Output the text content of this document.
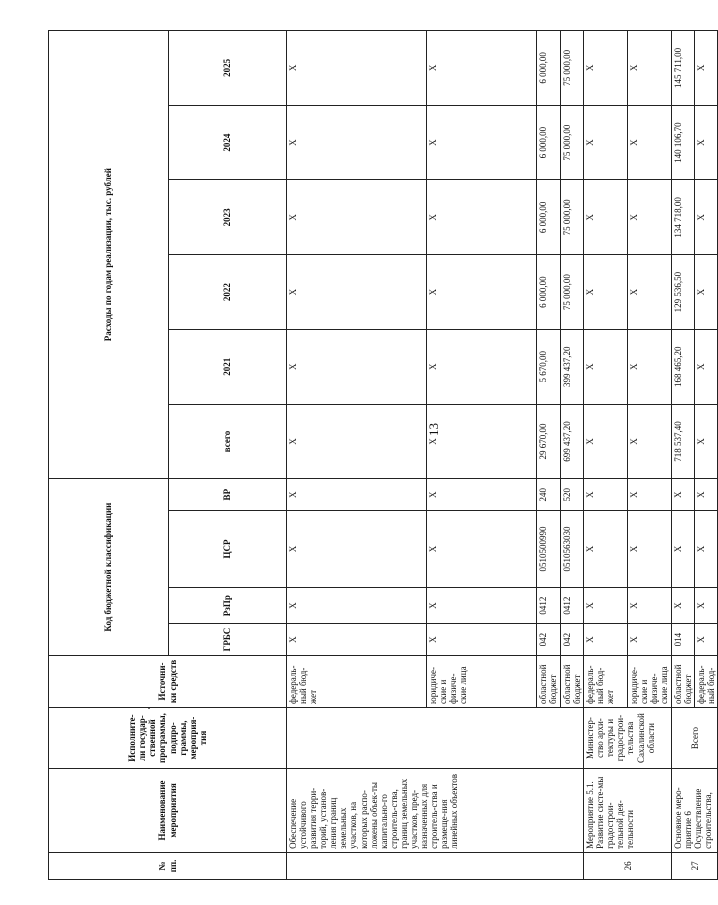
13
№ пп.	Наименование мероприятия	Исполните-ли государ-ственной программы, подпро-граммы, мероприя-тия	Источни-ки средств	Код бюджетной классификации				Расходы по годам реализации, тыс. рублей					
				ГРБС	РзПр	ЦСР	ВР	всего	2021	2022	2023	2024	2025
	Обеспечение устойчивого развития терри-торий, установ-ления границ земельных участков, на которых распо-ложены объек-ты капитально-го строитель-ства, границ земельных участков, пред-назначенных для строитель-ства и размеще-ния линейных объектов		федераль-ный бюд-жет	Х	Х	Х	Х	Х	Х	Х	Х	Х	Х
			юридиче-ские и физиче-ские лица	Х	Х	Х	Х	Х	Х	Х	Х	Х	Х
			областной бюджет	042	0412	0510500990	240	29 670,00	5 670,00	6 000,00	6 000,00	6 000,00	6 000,00
			областной бюджет	042	0412	0510563030	520	699 437,20	399 437,20	75 000,00	75 000,00	75 000,00	75 000,00
26	Мероприятие 5.1. Развитие систе-мы градострои-тельной дея-тельности	Министер-ство архи-тектуры и градострои-тельства Сахалинской области	федераль-ный бюд-жет	Х	Х	Х	Х	Х	Х	Х	Х	Х	Х
			юридиче-ские и физиче-ские лица	Х	Х	Х	Х	Х	Х	Х	Х	Х	Х
27	Основное меро-приятие 6 Осуществление строительства,	Всего	областной бюджет	014	Х	Х	Х	718 537,40	168 465,20	129 536,50	134 718,00	140 106,70	145 711,00
			федераль-ный бюд-	Х	Х	Х	Х	Х	Х	Х	Х	Х	Х
